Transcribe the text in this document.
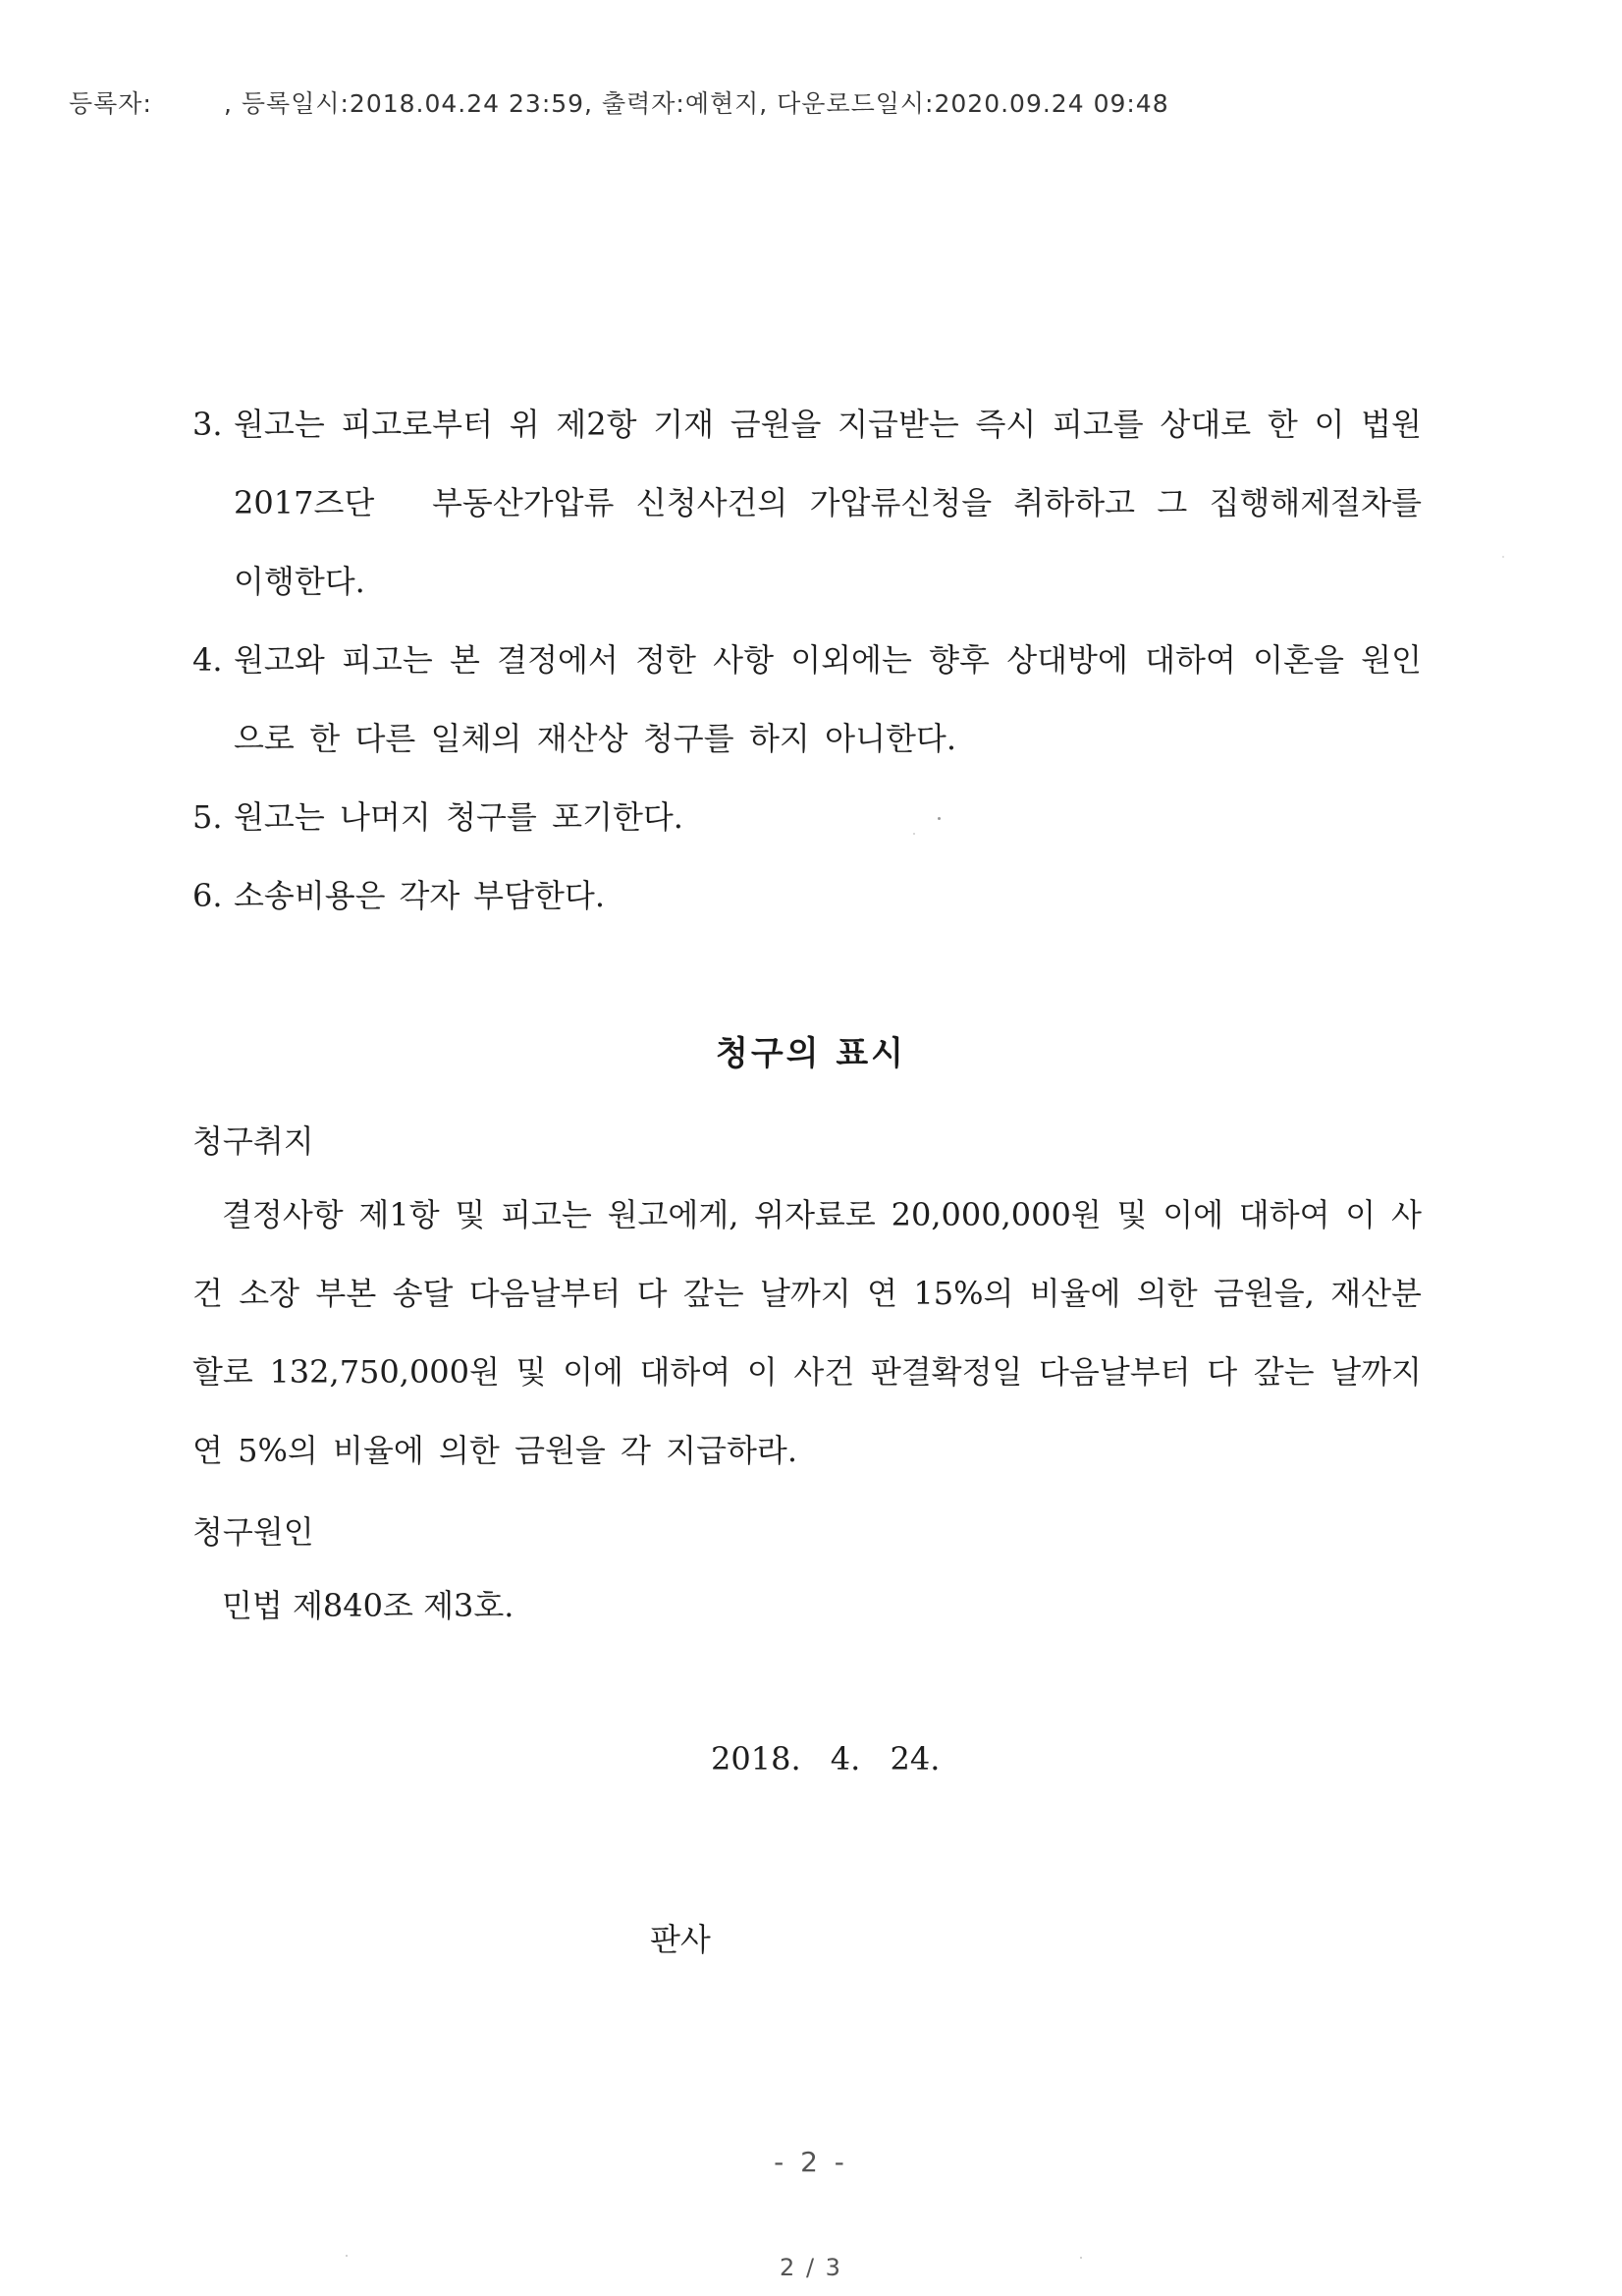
등록자:	, 등록일시:2018.04.24 23:59, 출력자:예현지, 다운로드일시:2020.09.24 09:48
3. 원고는 피고로부터 위 제2항 기재 금원을 지급받는 즉시 피고를 상대로 한 이 법원
2017즈단 부동산가압류 신청사건의 가압류신청을 취하하고 그 집행해제절차를
이행한다.
4. 원고와 피고는 본 결정에서 정한 사항 이외에는 향후 상대방에 대하여 이혼을 원인
으로 한 다른 일체의 재산상 청구를 하지 아니한다.
5. 원고는 나머지 청구를 포기한다.
6. 소송비용은 각자 부담한다.
청구의 표시
청구취지
결정사항 제1항 및 피고는 원고에게, 위자료로 20,000,000원 및 이에 대하여 이 사
건 소장 부본 송달 다음날부터 다 갚는 날까지 연 15%의 비율에 의한 금원을, 재산분
할로 132,750,000원 및 이에 대하여 이 사건 판결확정일 다음날부터 다 갚는 날까지
연 5%의 비율에 의한 금원을 각 지급하라.
청구원인
민법 제840조 제3호.
2018. 4. 24.
판사
- 2 -
2 / 3
